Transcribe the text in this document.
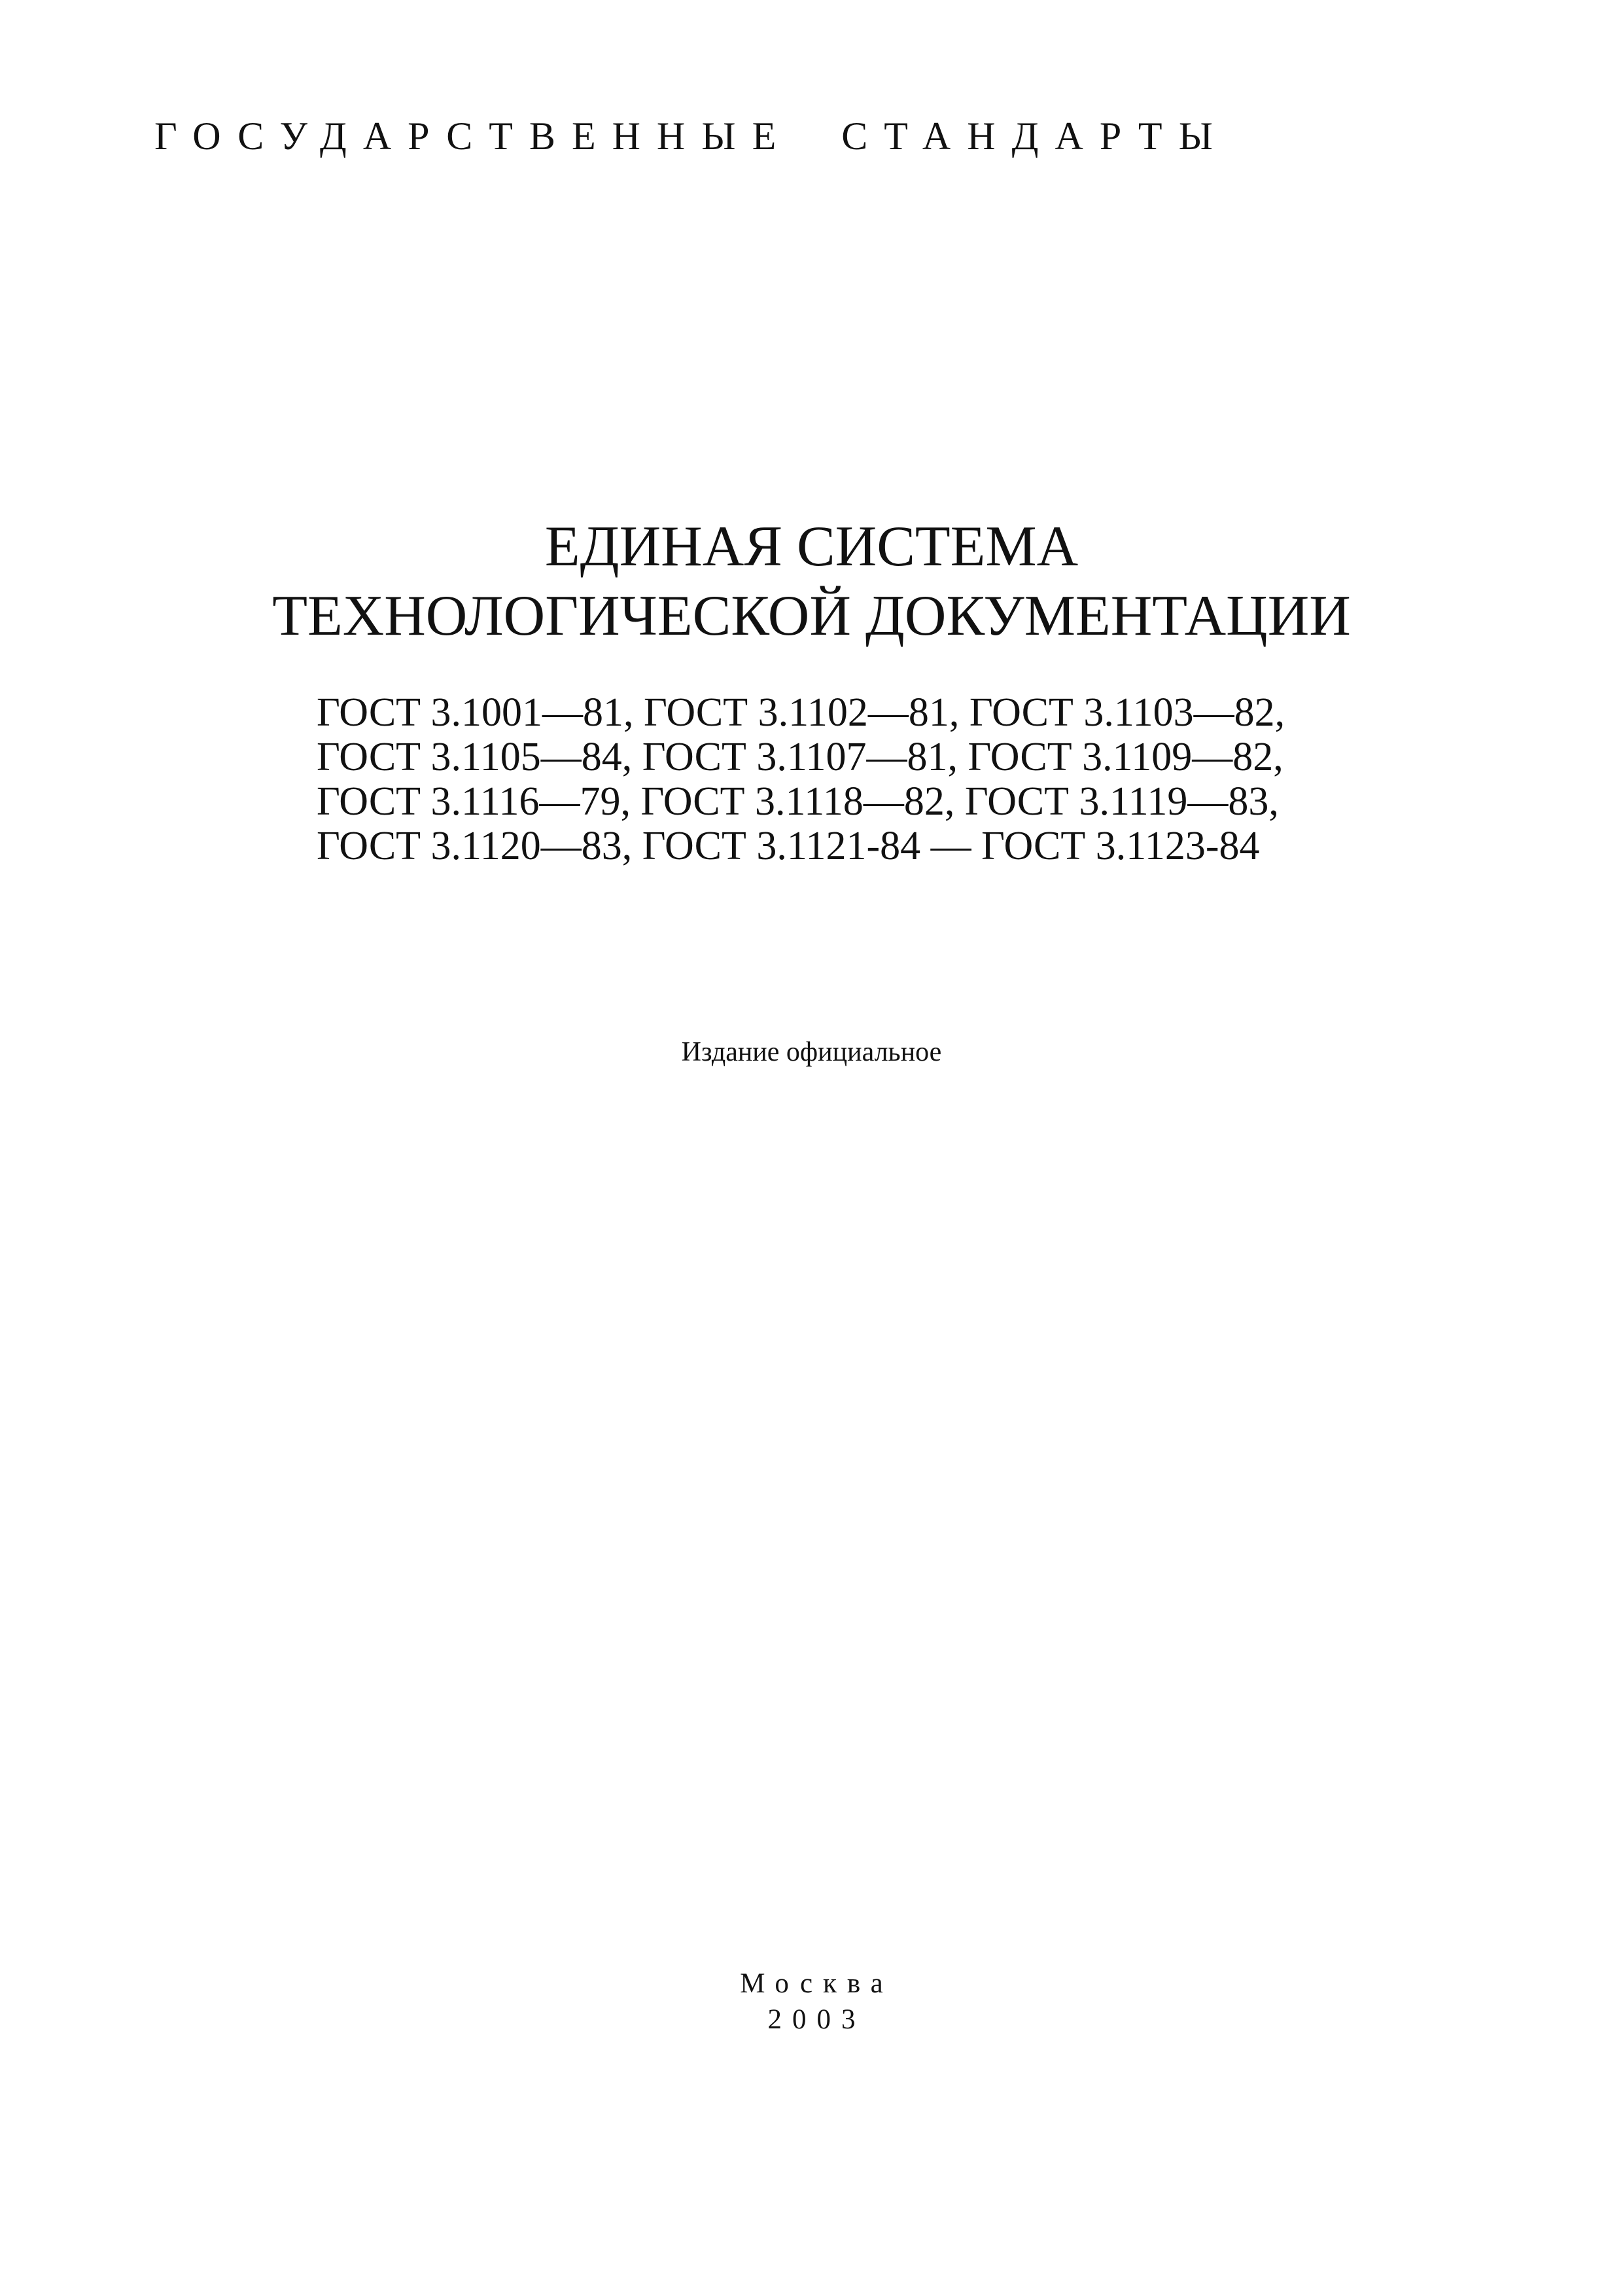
ГОСУДАРСТВЕННЫЕ СТАНДАРТЫ
ЕДИНАЯ СИСТЕМА
ТЕХНОЛОГИЧЕСКОЙ ДОКУМЕНТАЦИИ
ГОСТ 3.1001—81, ГОСТ 3.1102—81, ГОСТ 3.1103—82,
ГОСТ 3.1105—84, ГОСТ 3.1107—81, ГОСТ 3.1109—82,
ГОСТ 3.1116—79, ГОСТ 3.1118—82, ГОСТ 3.1119—83,
ГОСТ 3.1120—83, ГОСТ 3.1121-84 — ГОСТ 3.1123-84
Издание официальное
Москва
2003
